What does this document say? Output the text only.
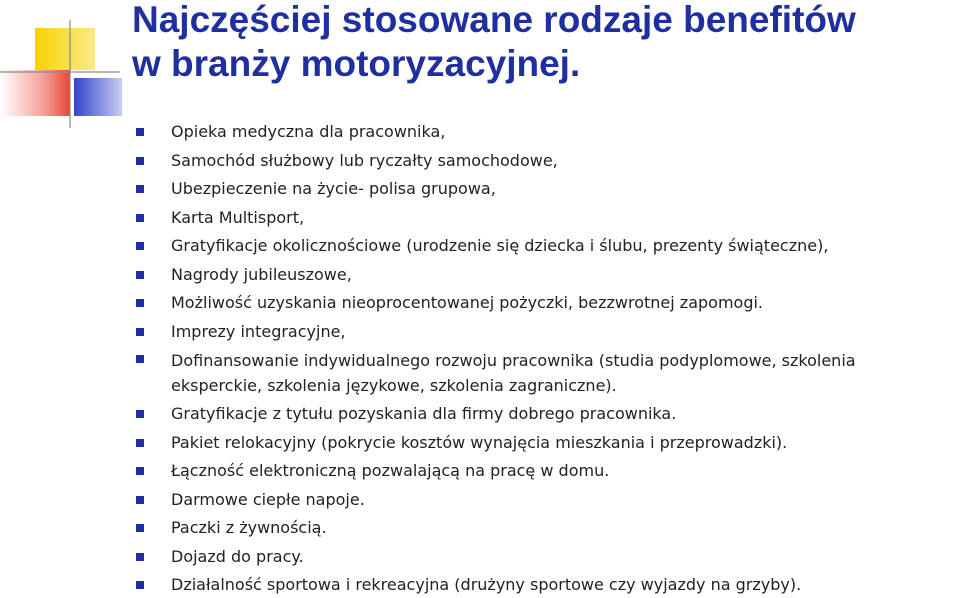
Najczęściej stosowane rodzaje benefitów
w branży motoryzacyjnej.
Opieka medyczna dla pracownika,
Samochód służbowy lub ryczałty samochodowe,
Ubezpieczenie na życie- polisa grupowa,
Karta Multisport,
Gratyfikacje okolicznościowe (urodzenie się dziecka i ślubu, prezenty świąteczne),
Nagrody jubileuszowe,
Możliwość uzyskania nieoprocentowanej pożyczki, bezzwrotnej zapomogi.
Imprezy integracyjne,
Dofinansowanie indywidualnego rozwoju pracownika (studia podyplomowe, szkolenia eksperckie, szkolenia językowe, szkolenia zagraniczne).
Gratyfikacje z tytułu pozyskania dla firmy dobrego pracownika.
Pakiet relokacyjny (pokrycie kosztów wynajęcia mieszkania i przeprowadzki).
Łączność elektroniczną pozwalającą na pracę w domu.
Darmowe ciepłe napoje.
Paczki z żywnością.
Dojazd do pracy.
Działalność sportowa i rekreacyjna (drużyny sportowe czy wyjazdy na grzyby).
